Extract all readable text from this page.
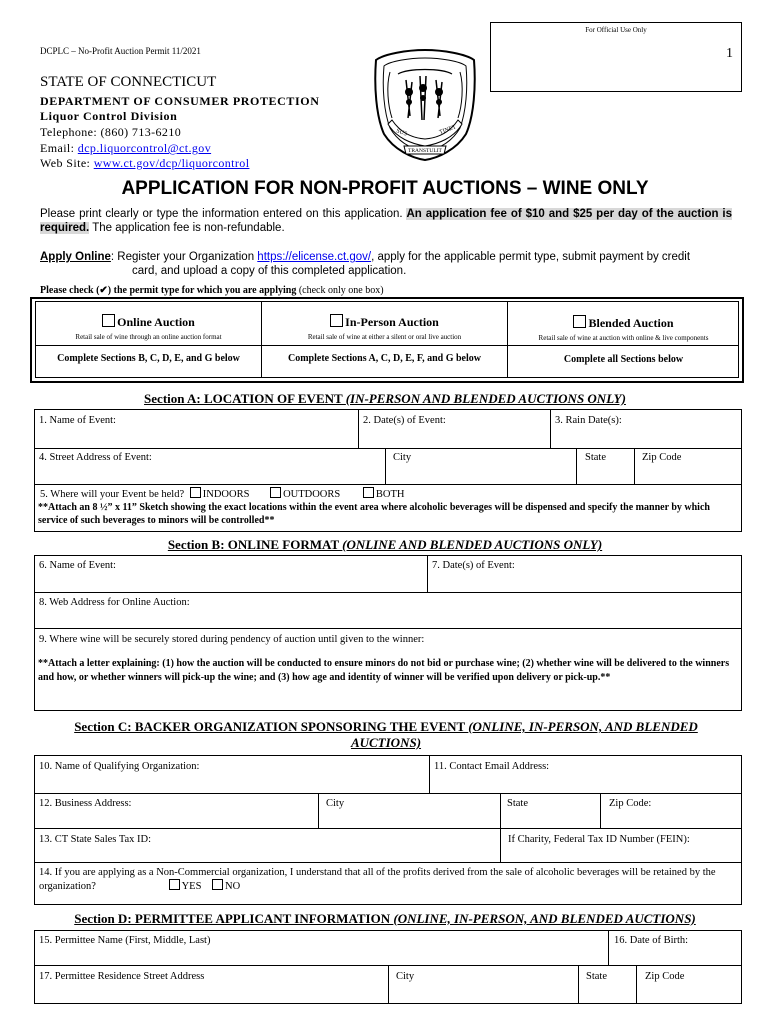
For Official Use Only
DCPLC – No-Profit Auction Permit 11/2021	1
STATE OF CONNECTICUT
DEPARTMENT OF CONSUMER PROTECTION
Liquor Control Division
Telephone: (860) 713-6210
Email: dcp.liquorcontrol@ct.gov
Web Site: www.ct.gov/dcp/liquorcontrol
SUS	TINET
TRANSTULIT
APPLICATION FOR NON-PROFIT AUCTIONS – WINE ONLY
Please print clearly or type the information entered on this application. An application fee of $10 and $25 per day of the auction is required. The application fee is non-refundable.
Apply Online: Register your Organization https://elicense.ct.gov/, apply for the applicable permit type, submit payment by credit
card, and upload a copy of this completed application.
Please check (✔) the permit type for which you are applying (check only one box)
Online Auction
Retail sale of wine through an online auction format
In-Person Auction
Retail sale of wine at either a silent or oral live auction
Blended Auction
Retail sale of wine at auction with online & live components
Complete Sections B, C, D, E, and G below	Complete Sections A, C, D, E, F, and G below	Complete all Sections below
Section A: LOCATION OF EVENT (IN-PERSON AND BLENDED AUCTIONS ONLY)
1. Name of Event:	2. Date(s) of Event:	3. Rain Date(s):
4. Street Address of Event:	City	State	Zip Code
5. Where will your Event be held? INDOORS	OUTDOORS	BOTH
**Attach an 8 ½” x 11” Sketch showing the exact locations within the event area where alcoholic beverages will be dispensed and specify the manner by which service of such beverages to minors will be controlled**
Section B: ONLINE FORMAT (ONLINE AND BLENDED AUCTIONS ONLY)
6. Name of Event:	7. Date(s) of Event:
8. Web Address for Online Auction:
9. Where wine will be securely stored during pendency of auction until given to the winner:
**Attach a letter explaining: (1) how the auction will be conducted to ensure minors do not bid or purchase wine; (2) whether wine will be delivered to the winners and how, or whether winners will pick-up the wine; and (3) how age and identity of winner will be verified upon delivery or pick-up.**
Section C: BACKER ORGANIZATION SPONSORING THE EVENT (ONLINE, IN-PERSON, AND BLENDED AUCTIONS)
10. Name of Qualifying Organization:	11. Contact Email Address:
12. Business Address:	City	State	Zip Code:
13. CT State Sales Tax ID:	If Charity, Federal Tax ID Number (FEIN):
14. If you are applying as a Non-Commercial organization, I understand that all of the profits derived from the sale of alcoholic beverages will be retained by the organization?	YES NO
Section D: PERMITTEE APPLICANT INFORMATION (ONLINE, IN-PERSON, AND BLENDED AUCTIONS)
15. Permittee Name (First, Middle, Last)	16. Date of Birth:
17. Permittee Residence Street Address	City	State	Zip Code
